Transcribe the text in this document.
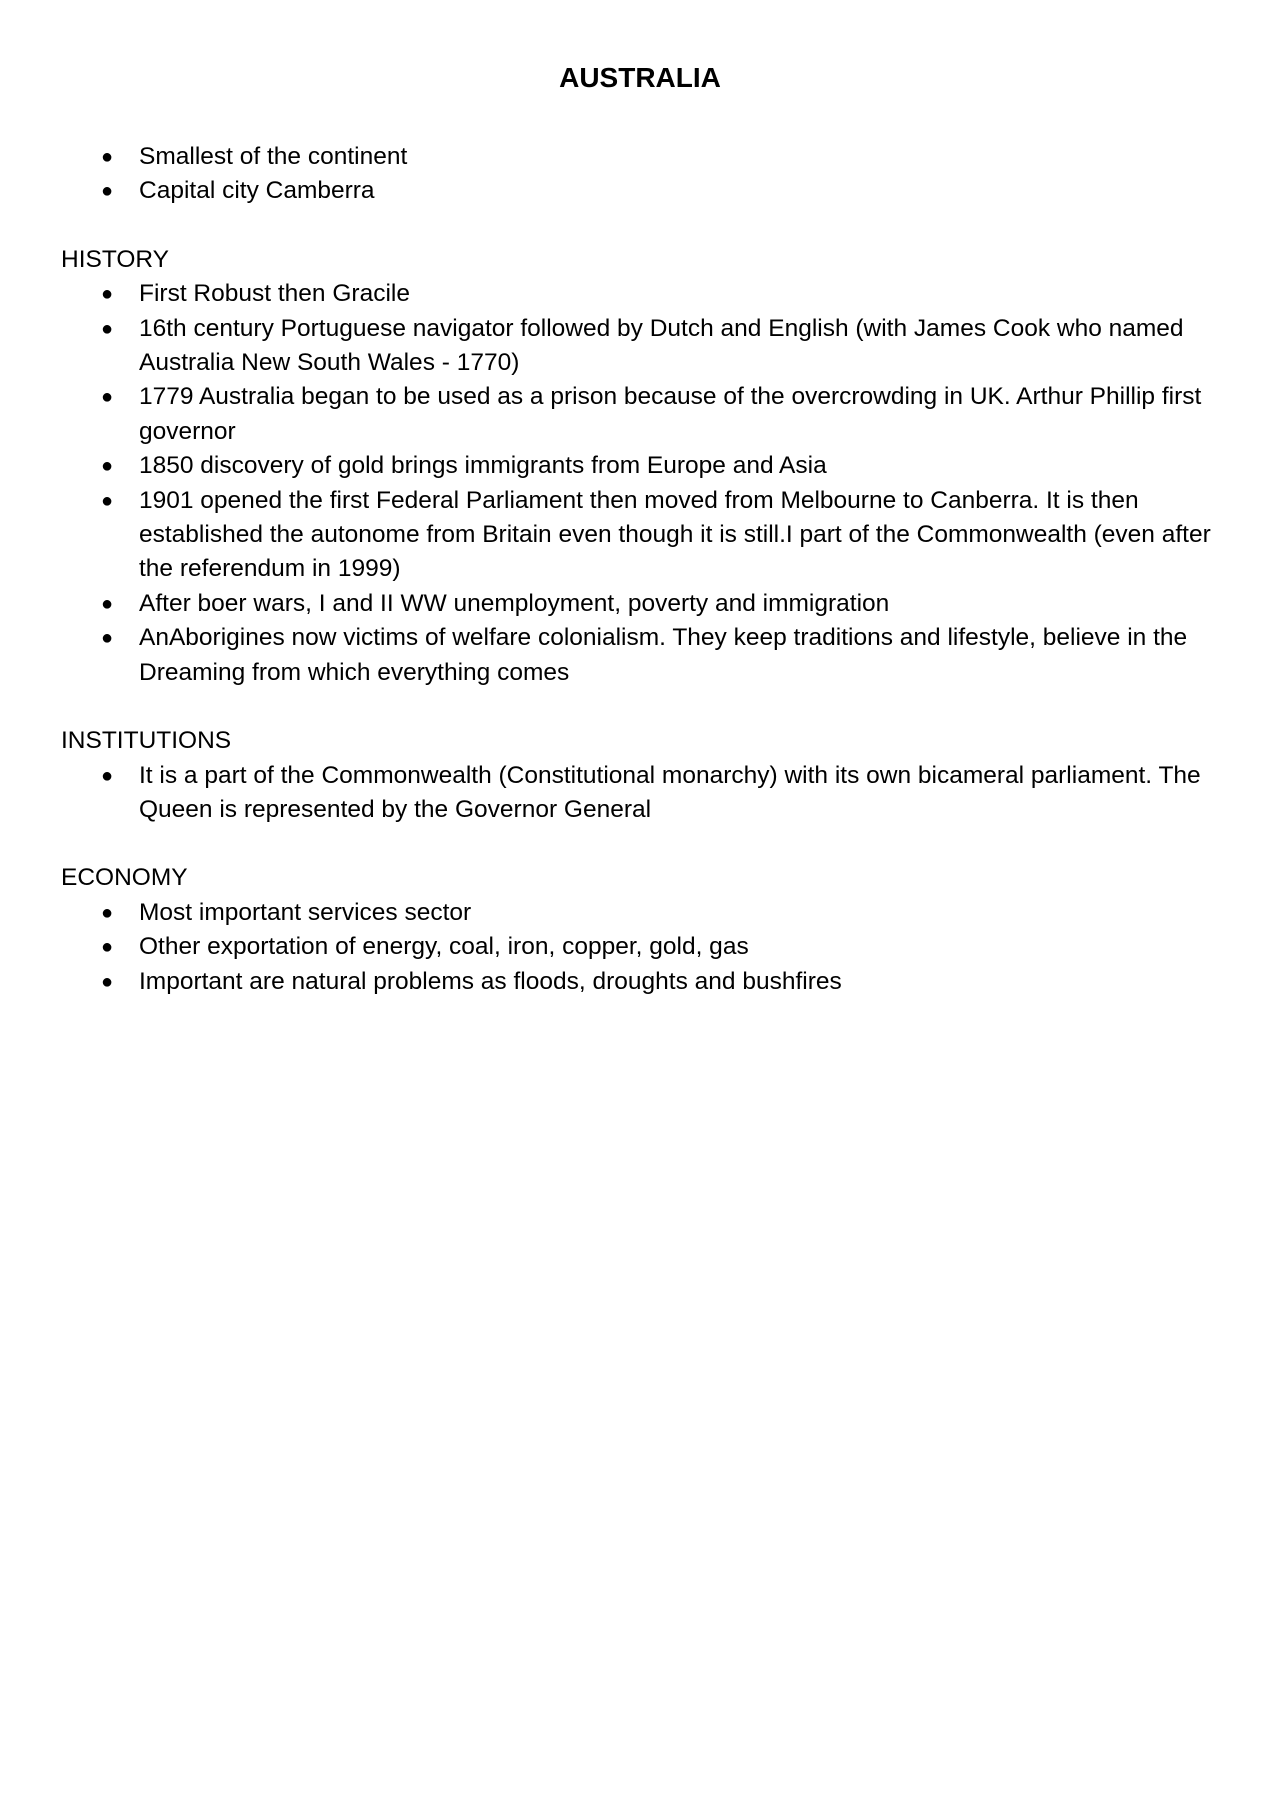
AUSTRALIA
● Smallest of the continent
● Capital city Camberra
HISTORY
● First Robust then Gracile
● 16th century Portuguese navigator followed by Dutch and English (with James Cook who named Australia New South Wales - 1770)
● 1779 Australia began to be used as a prison because of the overcrowding in UK. Arthur Phillip first governor
● 1850 discovery of gold brings immigrants from Europe and Asia
● 1901 opened the first Federal Parliament then moved from Melbourne to Canberra. It is then established the autonome from Britain even though it is still.I part of the Commonwealth (even after the referendum in 1999)
● After boer wars, I and II WW unemployment, poverty and immigration
● AnAborigines now victims of welfare colonialism. They keep traditions and lifestyle, believe in the Dreaming from which everything comes
INSTITUTIONS
● It is a part of the Commonwealth (Constitutional monarchy) with its own bicameral parliament. The Queen is represented by the Governor General
ECONOMY
● Most important services sector
● Other exportation of energy, coal, iron, copper, gold, gas
● Important are natural problems as floods, droughts and bushfires
